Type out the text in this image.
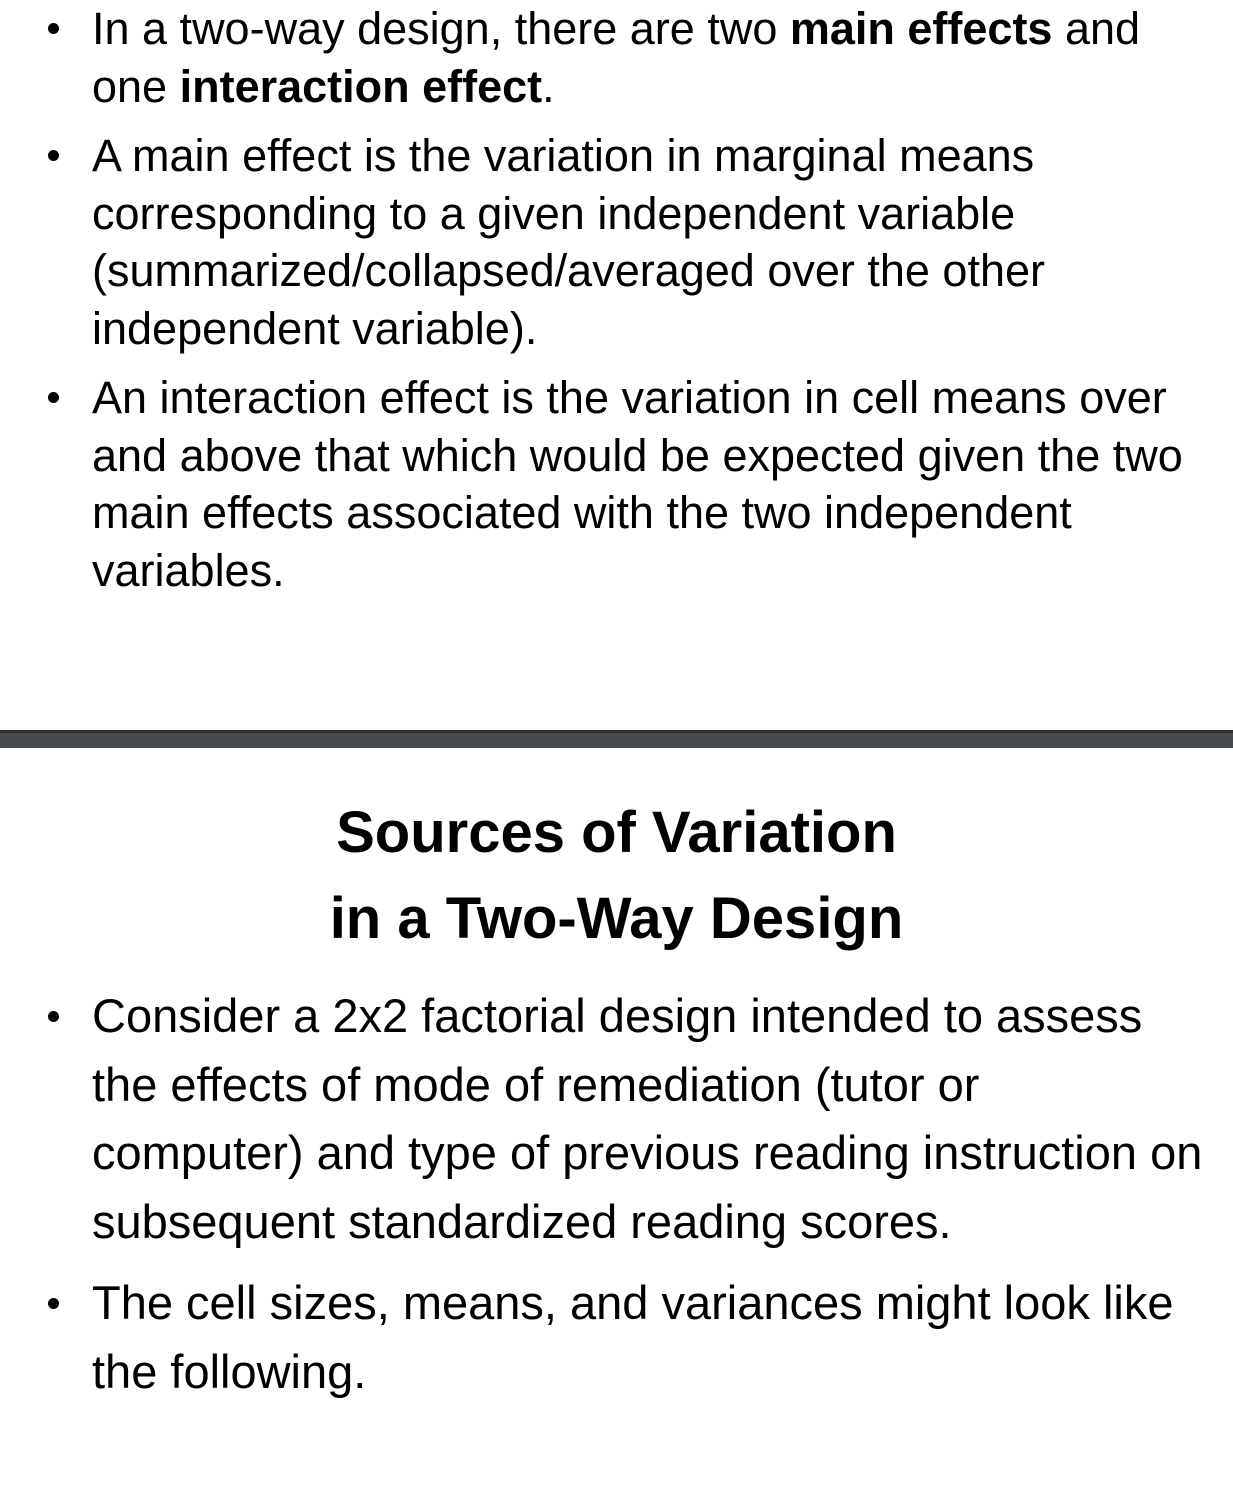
In a two-way design, there are two main effects and one interaction effect.
A main effect is the variation in marginal means corresponding to a given independent variable (summarized/collapsed/averaged over the other independent variable).
An interaction effect is the variation in cell means over and above that which would be expected given the two main effects associated with the two independent variables.
Sources of Variation
in a Two-Way Design
Consider a 2x2 factorial design intended to assess the effects of mode of remediation (tutor or computer) and type of previous reading instruction on subsequent standardized reading scores.
The cell sizes, means, and variances might look like the following.
